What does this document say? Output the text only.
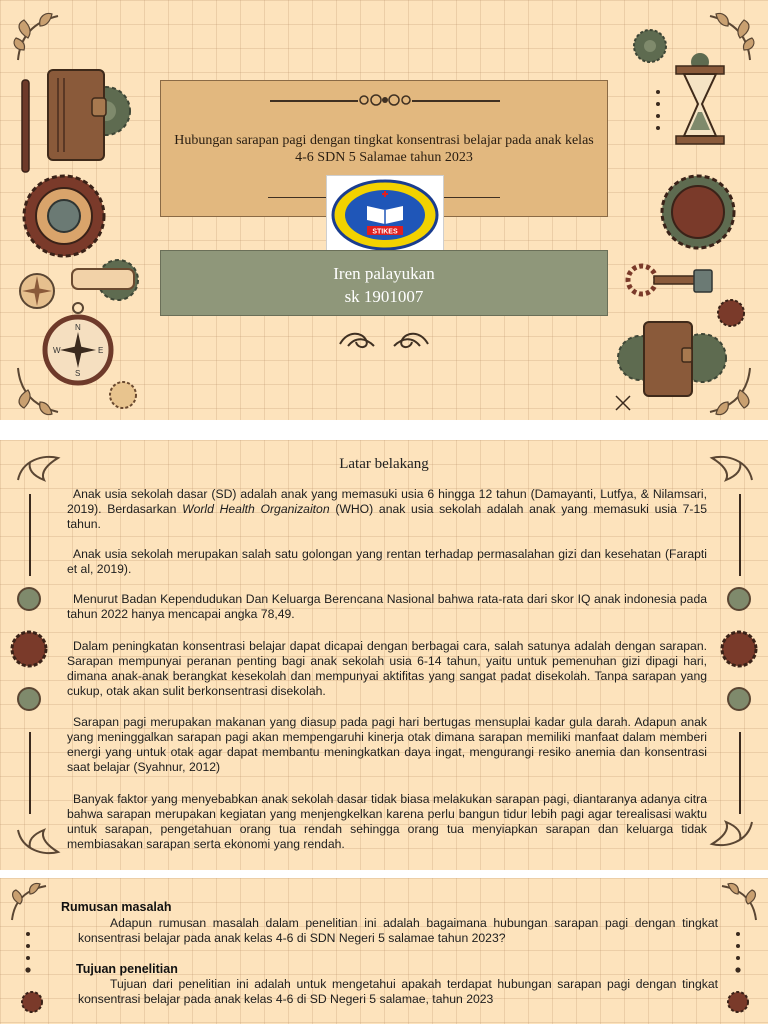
N
S
W	E
Hubungan sarapan pagi dengan tingkat konsentrasi belajar pada anak kelas 4-6 SDN 5 Salamae tahun 2023
STIKES
Iren palayukan
sk 1901007
Latar belakang
Anak usia sekolah dasar (SD) adalah anak yang memasuki usia 6 hingga 12 tahun (Damayanti, Lutfya, & Nilamsari, 2019). Berdasarkan World Health Organizaiton (WHO) anak usia sekolah adalah anak yang memasuki usia 7-15 tahun.
Anak usia sekolah merupakan salah satu golongan yang rentan terhadap permasalahan gizi dan kesehatan (Farapti et al, 2019).
Menurut Badan Kependudukan Dan Keluarga Berencana Nasional bahwa rata-rata dari skor IQ anak indonesia pada tahun 2022 hanya mencapai angka 78,49.
Dalam peningkatan konsentrasi belajar dapat dicapai dengan berbagai cara, salah satunya adalah dengan sarapan. Sarapan mempunyai peranan penting bagi anak sekolah usia 6-14 tahun, yaitu untuk pemenuhan gizi dipagi hari, dimana anak-anak berangkat kesekolah dan mempunyai aktifitas yang sangat padat disekolah. Tanpa sarapan yang cukup, otak akan sulit berkonsentrasi disekolah.
Sarapan pagi merupakan makanan yang diasup pada pagi hari bertugas mensuplai kadar gula darah. Adapun anak yang meninggalkan sarapan pagi akan mempengaruhi kinerja otak dimana sarapan memiliki manfaat dalam memberi energi yang untuk otak agar dapat membantu meningkatkan daya ingat, mengurangi resiko anemia dan konsentrasi saat belajar (Syahnur, 2012)
Banyak faktor yang menyebabkan anak sekolah dasar tidak biasa melakukan sarapan pagi, diantaranya adanya citra bahwa sarapan merupakan kegiatan yang menjengkelkan karena perlu bangun tidur lebih pagi agar terealisasi waktu untuk sarapan, pengetahuan orang tua rendah sehingga orang tua menyiapkan sarapan dan keluarga tidak membiasakan sarapan serta ekonomi yang rendah.
Rumusan masalah
Adapun rumusan masalah dalam penelitian ini adalah bagaimana hubungan sarapan pagi dengan tingkat konsentrasi belajar pada anak kelas 4-6 di SDN Negeri 5 salamae tahun 2023?
Tujuan penelitian
Tujuan dari penelitian ini adalah untuk mengetahui apakah terdapat hubungan sarapan pagi dengan tingkat konsentrasi belajar pada anak kelas 4-6 di SD Negeri 5 salamae, tahun 2023
